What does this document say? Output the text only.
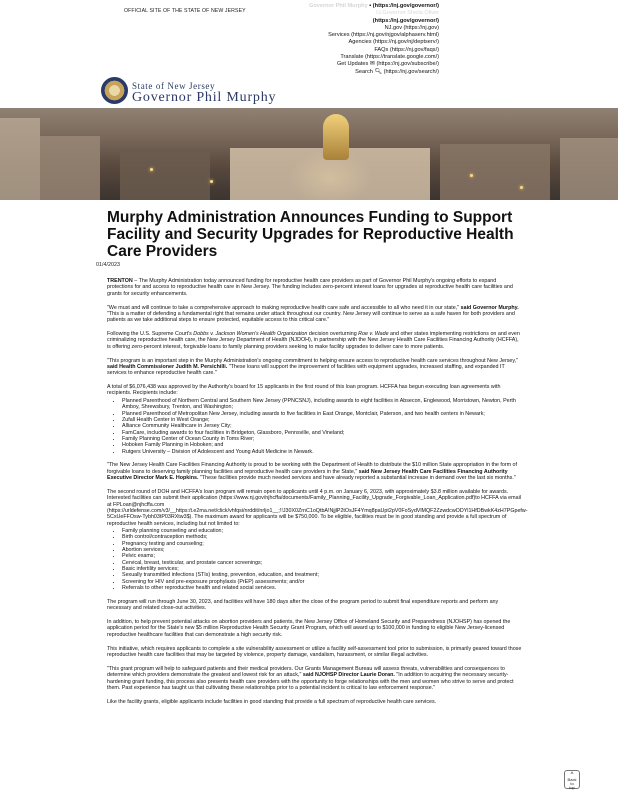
OFFICIAL SITE OF THE STATE OF NEW JERSEY
Governor Phil Murphy • (https://nj.gov/governor/)
Lt.Governor Sheila Oliver
(https://nj.gov/governor/)
NJ.gov (https://nj.gov)
Services (https://nj.gov/njgov/alphaserv.html)
Agencies (https://nj.gov/nj/deptserv/)
FAQs (https://nj.gov/faqs/)
Translate (https://translate.google.com/)
Get Updates ✉ (https://nj.gov/subscribe/)
Search 🔍︎ (https://nj.gov/search/)
State of New Jersey
Governor Phil Murphy
Murphy Administration Announces Funding to Support Facility and Security Upgrades for Reproductive Health Care Providers
01/4/2023

TRENTON – The Murphy Administration today announced funding for reproductive health care providers as part of Governor Phil Murphy's ongoing efforts to expand protections for and access to reproductive health care in New Jersey. The funding includes zero-percent interest loans for upgrades at reproductive health care facilities and grants for security enhancements.

"We must and will continue to take a comprehensive approach to making reproductive health care safe and accessible to all who need it in our state," said Governor Murphy. "This is a matter of defending a fundamental right that remains under attack throughout our country. New Jersey will continue to serve as a safe haven for both providers and patients as we take additional steps to ensure protected, equitable access to this critical care."

Following the U.S. Supreme Court's Dobbs v. Jackson Women's Health Organization decision overturning Roe v. Wade and other states implementing restrictions on and even criminalizing reproductive health care, the New Jersey Department of Health (NJDOH), in partnership with the New Jersey Health Care Facilities Financing Authority (HCFFA), is offering zero-percent interest, forgivable loans to family planning providers seeking to make facility upgrades to deliver care to more patients.

"This program is an important step in the Murphy Administration's ongoing commitment to helping ensure access to reproductive health care services throughout New Jersey," said Health Commissioner Judith M. Persichilli. "These loans will support the improvement of facilities with equipment upgrades, increased staffing, and expanded IT services to enhance reproductive health care."

A total of $6,076,438 was approved by the Authority's board for 15 applicants in the first round of this loan program. HCFFA has begun executing loan agreements with recipients. Recipients include:

• Planned Parenthood of Northern Central and Southern New Jersey (PPNCSNJ), including awards to eight facilities in Absecon, Englewood, Morristown, Newton, Perth Amboy, Shrewsbury, Trenton, and Washington;
• Planned Parenthood of Metropolitan New Jersey, including awards to five facilities in East Orange, Montclair, Paterson, and two health centers in Newark;
• Zufall Health Center in West Orange;
• Alliance Community Healthcare in Jersey City;
• FamCare, including awards to four facilities in Bridgeton, Glassboro, Pennsville, and Vineland;
• Family Planning Center of Ocean County in Toms River;
• Hoboken Family Planning in Hoboken; and
• Rutgers University – Division of Adolescent and Young Adult Medicine in Newark.

"The New Jersey Health Care Facilities Financing Authority is proud to be working with the Department of Health to distribute the $10 million State appropriation in the form of forgivable loans to deserving family planning facilities and reproductive health care providers in the State," said New Jersey Health Care Facilities Financing Authority Executive Director Mark E. Hopkins. "These facilities provide much needed services and have already reported a substantial increase in demand over the last six months."

The second round of DOH and HCFFA's loan program will remain open to applicants until 4 p.m. on January 6, 2023, with approximately $3.8 million available for awards. Interested facilities can submit their application (https://www.nj.gov/njhcffa/documents/Family_Planning_Facility_Upgrade_Forgivable_Loan_Application.pdf)to HCFFA via email at FPLoan@njhcffa.com (https://urldefense.com/v3/__https:/t.e2ma.net/click/vhfqsi/nrddit/nrljo1__;!!J30X0ZrnC1oQtbA!NjjlP2tOsJF4Ymq8paUpt2pV0FoSydVlMQF2ZzwdcwODYl1HfDBwkK4zH7PGpefw-5CxUeFFOsw-Tybh03tP03RXtw3$). The maximum award for applicants will be $750,000. To be eligible, facilities must be in good standing and provide a full spectrum of reproductive health services, including but not limited to:

• Family planning counseling and education;
• Birth control/contraception methods;
• Pregnancy testing and counseling;
• Abortion services;
• Pelvic exams;
• Cervical, breast, testicular, and prostate cancer screenings;
• Basic infertility services;
• Sexually transmitted infections (STIs) testing, prevention, education, and treatment;
• Screening for HIV and pre-exposure prophylaxis (PrEP) assessments; and/or
• Referrals to other reproductive health and related social services.

The program will run through June 30, 2023, and facilities will have 180 days after the close of the program period to submit final expenditure reports and perform any necessary and related close-out activities.

In addition, to help prevent potential attacks on abortion providers and patients, the New Jersey Office of Homeland Security and Preparedness (NJOHSP) has opened the application period for the State's new $5 million Reproductive Health Security Grant Program, which will award up to $100,000 in funding to eligible New Jersey-licensed reproductive healthcare facilities that can demonstrate a high security risk.

This initiative, which requires applicants to complete a site vulnerability assessment or utilize a facility self-assessment tool prior to submission, is primarily geared toward those reproductive health care facilities that may be targeted by violence, property damage, vandalism, harassment, or similar illegal activities.

"This grant program will help to safeguard patients and their medical providers. Our Grants Management Bureau will assess threats, vulnerabilities and consequences to determine which providers demonstrate the greatest and lowest risk for an attack," said NJOHSP Director Laurie Doran. "In addition to acquiring the necessary security-hardening grant funding, this process also presents health care providers with the opportunity to forge relationships with the men and women who strive to serve and protect them. Past experience has taught us that cultivating these relationships prior to a potential incident is critical to law enforcement response."

Like the facility grants, eligible applicants include facilities in good standing that provide a full spectrum of reproductive health care services.

^
Back
to
top
